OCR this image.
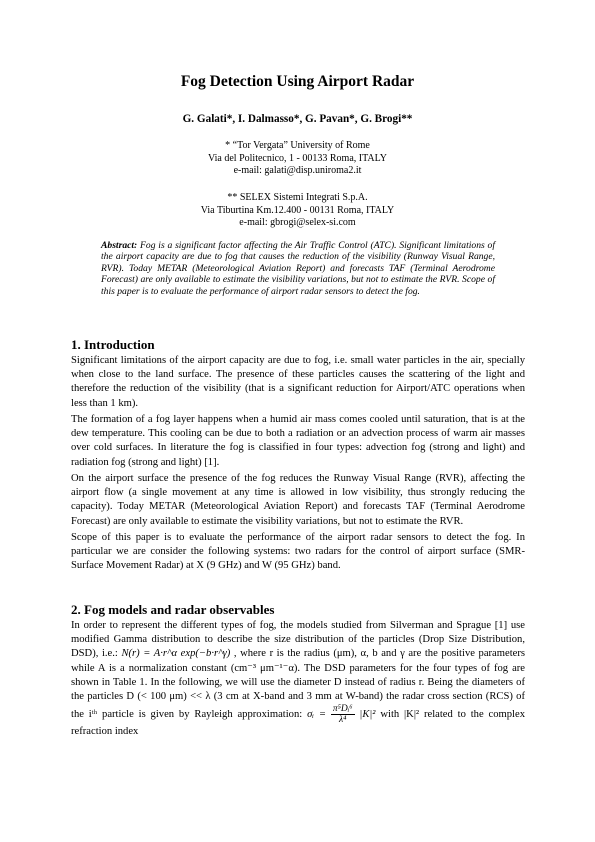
Fog Detection Using Airport Radar
G. Galati*, I. Dalmasso*, G. Pavan*, G. Brogi**
* “Tor Vergata” University of Rome
Via del Politecnico, 1 - 00133 Roma, ITALY
e-mail: galati@disp.uniroma2.it
** SELEX Sistemi Integrati S.p.A.
Via Tiburtina Km.12.400 - 00131 Roma, ITALY
e-mail: gbrogi@selex-si.com
Abstract: Fog is a significant factor affecting the Air Traffic Control (ATC). Significant limitations of the airport capacity are due to fog that causes the reduction of the visibility (Runway Visual Range, RVR). Today METAR (Meteorological Aviation Report) and forecasts TAF (Terminal Aerodrome Forecast) are only available to estimate the visibility variations, but not to estimate the RVR. Scope of this paper is to evaluate the performance of airport radar sensors to detect the fog.
1. Introduction

Significant limitations of the airport capacity are due to fog, i.e. small water particles in the air, specially when close to the land surface. The presence of these particles causes the scattering of the light and therefore the reduction of the visibility (that is a significant reduction for Airport/ATC operations when less than 1 km).

The formation of a fog layer happens when a humid air mass comes cooled until saturation, that is at the dew temperature. This cooling can be due to both a radiation or an advection process of warm air masses over cold surfaces. In literature the fog is classified in four types: advection fog (strong and light) and radiation fog (strong and light) [1].

On the airport surface the presence of the fog reduces the Runway Visual Range (RVR), affecting the airport flow (a single movement at any time is allowed in low visibility, thus strongly reducing the capacity). Today METAR (Meteorological Aviation Report) and forecasts TAF (Terminal Aerodrome Forecast) are only available to estimate the visibility variations, but not to estimate the RVR.

Scope of this paper is to evaluate the performance of the airport radar sensors to detect the fog. In particular we are consider the following systems: two radars for the control of airport surface (SMR-Surface Movement Radar) at X (9 GHz) and W (95 GHz) band.

2. Fog models and radar observables

In order to represent the different types of fog, the models studied from Silverman and Sprague [1] use modified Gamma distribution to describe the size distribution of the particles (Drop Size Distribution, DSD), i.e.: N(r) = A·r^α exp(−b·r^γ) , where r is the radius (μm), α, b and γ are the positive parameters while A is a normalization constant (cm⁻³ μm⁻¹⁻α). The DSD parameters for the four types of fog are shown in Table 1. In the following, we will use the diameter D instead of radius r. Being the diameters of the particles D (< 100 μm) << λ (3 cm at X-band and 3 mm at W-band) the radar cross section (RCS) of the iᵗʰ particle is given by Rayleigh approximation: σᵢ = $\frac{\text{π⁵Dᵢ⁶}}{\text{λ⁴}} |K|^2$ with |K|² related to the complex refraction index
